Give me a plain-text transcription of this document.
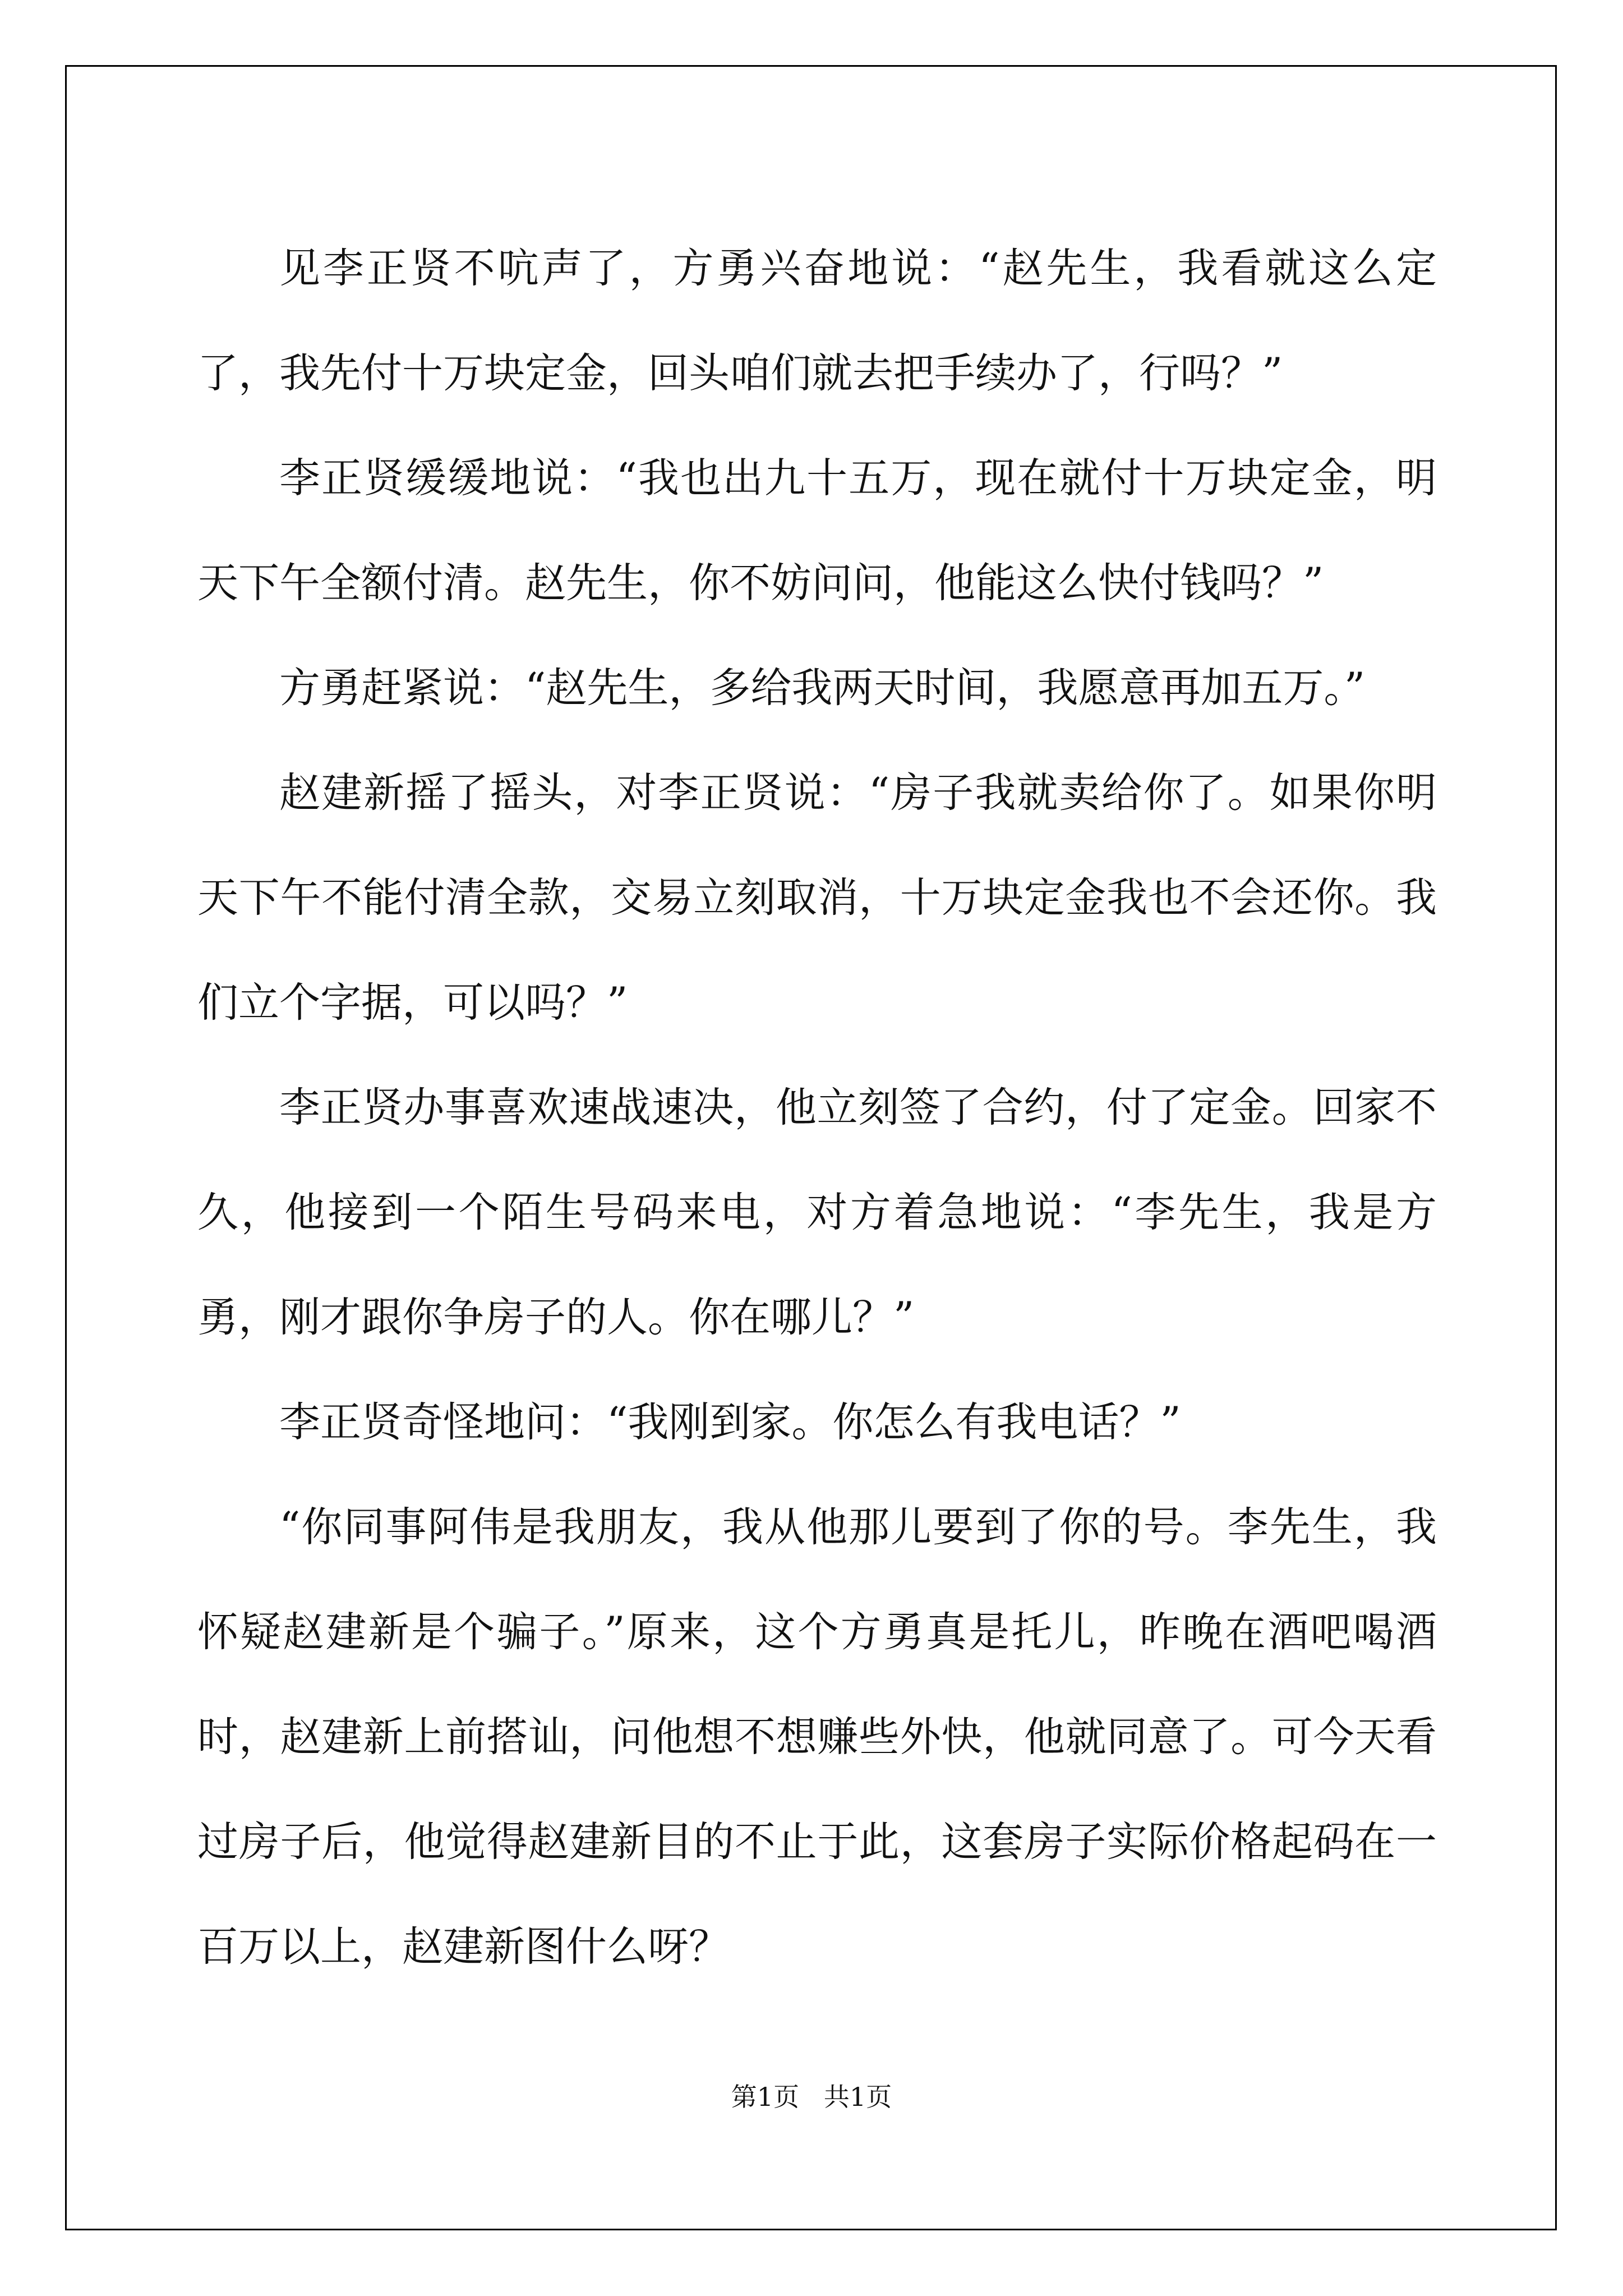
见李正贤不吭声了，方勇兴奋地说：“赵先生，我看就这么定了，我先付十万块定金，回头咱们就去把手续办了，行吗？”

李正贤缓缓地说：“我也出九十五万，现在就付十万块定金，明天下午全额付清。赵先生，你不妨问问，他能这么快付钱吗？”

方勇赶紧说：“赵先生，多给我两天时间，我愿意再加五万。”

赵建新摇了摇头，对李正贤说：“房子我就卖给你了。如果你明天下午不能付清全款，交易立刻取消，十万块定金我也不会还你。我们立个字据，可以吗？”

李正贤办事喜欢速战速决，他立刻签了合约，付了定金。回家不久，他接到一个陌生号码来电，对方着急地说：“李先生，我是方勇，刚才跟你争房子的人。你在哪儿？”

李正贤奇怪地问：“我刚到家。你怎么有我电话？”

“你同事阿伟是我朋友，我从他那儿要到了你的号。李先生，我怀疑赵建新是个骗子。”原来，这个方勇真是托儿，昨晚在酒吧喝酒时，赵建新上前搭讪，问他想不想赚些外快，他就同意了。可今天看过房子后，他觉得赵建新目的不止于此，这套房子实际价格起码在一百万以上，赵建新图什么呀？

第1页   共1页
